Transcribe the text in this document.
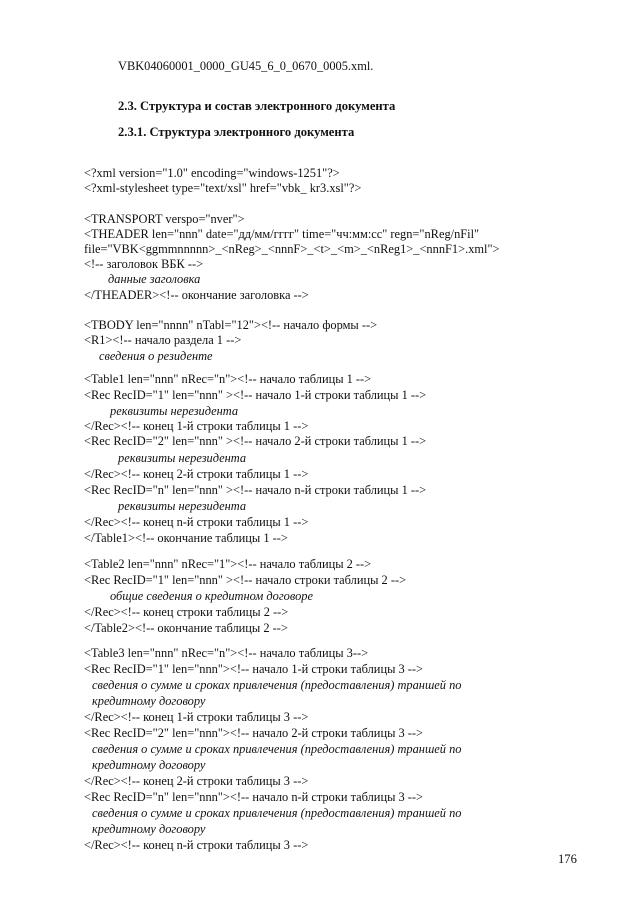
VBK04060001_0000_GU45_6_0_0670_0005.xml.
2.3. Структура и состав электронного документа
2.3.1. Структура электронного документа
<?xml version="1.0" encoding="windows-1251"?>
<?xml-stylesheet type="text/xsl" href="vbk_ kr3.xsl"?>
<TRANSPORT verspo="nver">
<THEADER len="nnn" date="дд/мм/гггг" time="чч:мм:сс" regn="nReg/nFil"
file="VBK<ggmmnnnnn>_<nReg>_<nnnF>_<t>_<m>_<nReg1>_<nnnF1>.xml">
<!-- заголовок ВБК -->
данные заголовка
</THEADER><!-- окончание заголовка -->
<TBODY len="nnnn" nTabl="12"><!-- начало формы -->
<R1><!-- начало раздела 1 -->
сведения о резиденте
<Table1 len="nnn" nRec="n"><!-- начало таблицы 1 -->
<Rec RecID="1" len="nnn" ><!-- начало 1-й строки таблицы 1 -->
реквизиты нерезидента
</Rec><!-- конец 1-й строки таблицы 1 -->
<Rec RecID="2" len="nnn" ><!-- начало 2-й строки таблицы 1 -->
реквизиты нерезидента
</Rec><!-- конец 2-й строки таблицы 1 -->
<Rec RecID="n" len="nnn" ><!-- начало n-й строки таблицы 1 -->
реквизиты нерезидента
</Rec><!-- конец n-й строки таблицы 1 -->
</Table1><!-- окончание таблицы 1 -->
<Table2 len="nnn" nRec="1"><!-- начало таблицы 2 -->
<Rec RecID="1" len="nnn" ><!-- начало строки таблицы 2 -->
общие сведения о кредитном договоре
</Rec><!-- конец строки таблицы 2 -->
</Table2><!-- окончание таблицы 2 -->
<Table3 len="nnn" nRec="n"><!-- начало таблицы 3-->
<Rec RecID="1" len="nnn"><!-- начало 1-й строки таблицы 3 -->
сведения о сумме и сроках привлечения (предоставления) траншей по
кредитному договору
</Rec><!-- конец 1-й строки таблицы 3 -->
<Rec RecID="2" len="nnn"><!-- начало 2-й строки таблицы 3 -->
сведения о сумме и сроках привлечения (предоставления) траншей по
кредитному договору
</Rec><!-- конец 2-й строки таблицы 3 -->
<Rec RecID="n" len="nnn"><!-- начало n-й строки таблицы 3 -->
сведения о сумме и сроках привлечения (предоставления) траншей по
кредитному договору
</Rec><!-- конец n-й строки таблицы 3 -->
176
